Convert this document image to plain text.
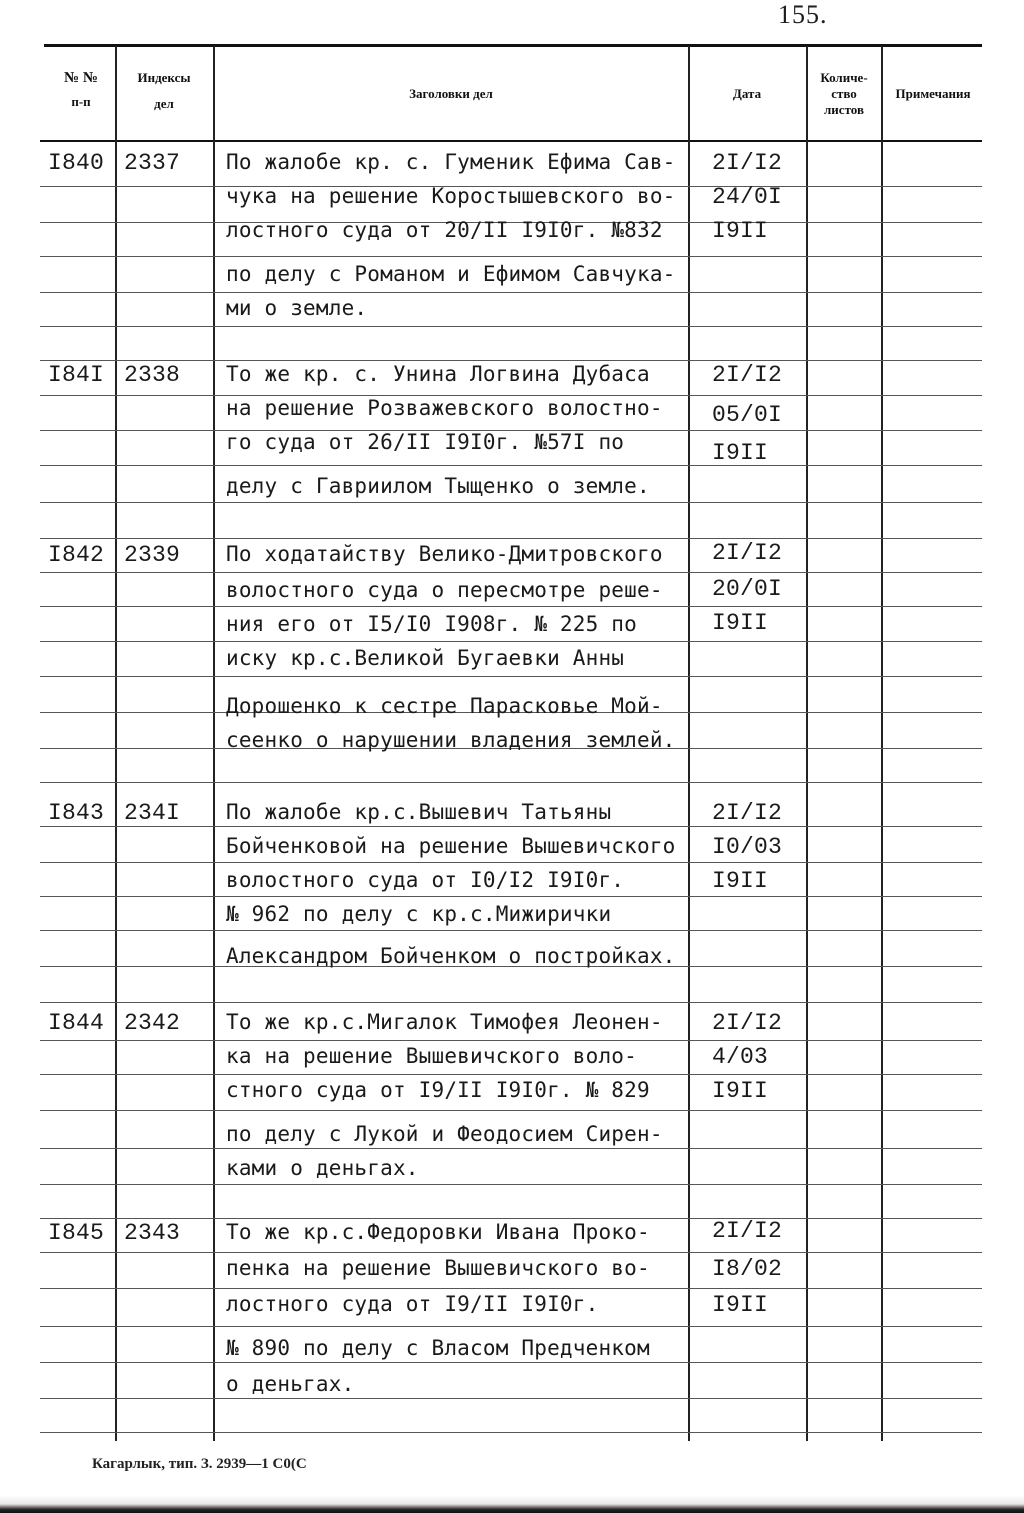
155.
№ №
п-п
Индексы
дел
Заголовки дел	Дата
Количе-
ство
листов
Примечания
I840 2337 По жалобе кр. с. Гуменик Ефима Сав-
чука на решение Коростышевского во-
лостного суда от 20/II I9I0г. №832
по делу с Романом и Ефимом Савчука-
ми о земле.
2I/I2
24/0I
I9II
I84I 2338 То же кр. с. Унина Логвина Дубаса
на решение Розважевского волостно-
го суда от 26/II I9I0г. №57I по
делу с Гавриилом Тыщенко о земле.
2I/I2
05/0I
I9II
I842 2339 По ходатайству Велико-Дмитровского
волостного суда о пересмотре реше-
ния его от I5/I0 I908г. № 225 по
иску кр.с.Великой Бугаевки Анны
Дорошенко к сестре Парасковье Мой-
сеенко о нарушении владения землей.
2I/I2
20/0I
I9II
I843 234I По жалобе кр.с.Вышевич Татьяны
Бойченковой на решение Вышевичского
волостного суда от I0/I2 I9I0г.
№ 962 по делу с кр.с.Мижирички
Александром Бойченком о постройках.
2I/I2
I0/03
I9II
I844 2342 То же кр.с.Мигалок Тимофея Леонен-
ка на решение Вышевичского воло-
стного суда от I9/II I9I0г. № 829
по делу с Лукой и Феодосием Сирен-
ками о деньгах.
2I/I2
4/03
I9II
I845 2343 То же кр.с.Федоровки Ивана Проко-
пенка на решение Вышевичского во-
лостного суда от I9/II I9I0г.
№ 890 по делу с Власом Предченком
о деньгах.
2I/I2
I8/02
I9II
Кагарлык, тип. З. 2939—1 С0(С
